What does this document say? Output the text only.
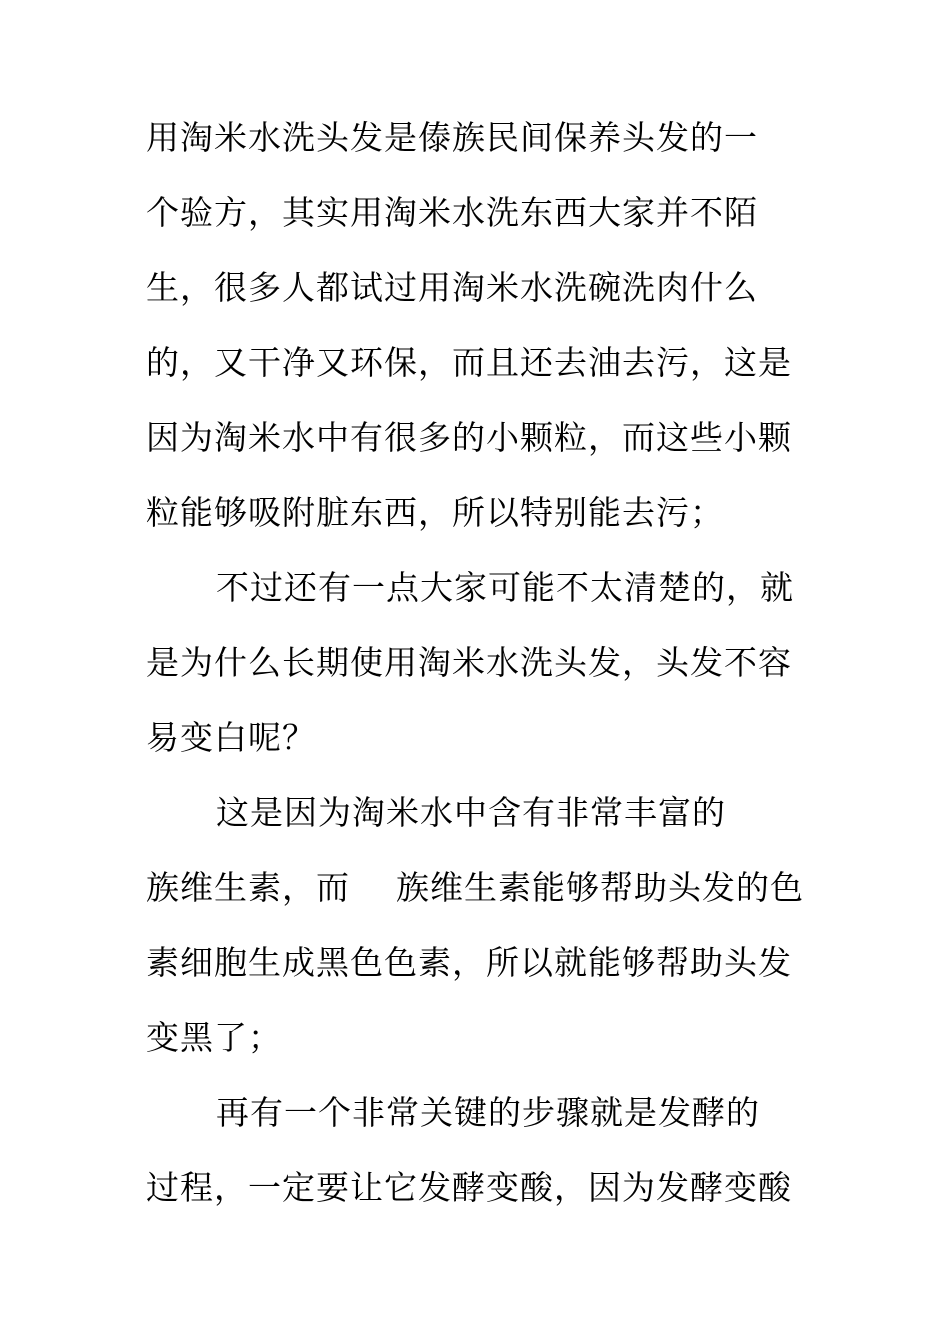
用淘米水洗头发是傣族民间保养头发的一
个验方，其实用淘米水洗东西大家并不陌
生，很多人都试过用淘米水洗碗洗肉什么
的，又干净又环保，而且还去油去污，这是
因为淘米水中有很多的小颗粒，而这些小颗
粒能够吸附脏东西，所以特别能去污；
不过还有一点大家可能不太清楚的，就
是为什么长期使用淘米水洗头发，头发不容
易变白呢？
这是因为淘米水中含有非常丰富的
族维生素，而    族维生素能够帮助头发的色
素细胞生成黑色色素，所以就能够帮助头发
变黑了；
再有一个非常关键的步骤就是发酵的
过程，一定要让它发酵变酸，因为发酵变酸
